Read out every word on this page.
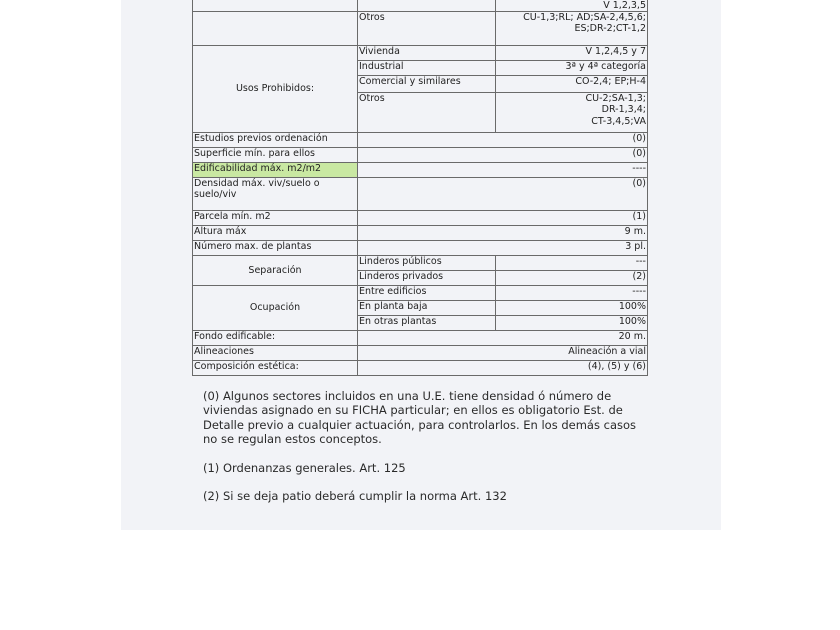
		V 1,2,3,5
	Otros	CU-1,3;RL; AD;SA-2,4,5,6;
ES;DR-2;CT-1,2
Usos Prohibidos:	Vivienda	V 1,2,4,5 y 7
	Industrial	3ª y 4ª categoría
	Comercial y similares	CO-2,4; EP;H-4
	Otros	CU-2;SA-1,3;
DR-1,3,4;
CT-3,4,5;VA
Estudios previos ordenación	(0)	
Superficie mín. para ellos	(0)	
Edificabilidad máx. m2/m2	----	
Densidad máx. viv/suelo o
suelo/viv	(0)	
Parcela mín. m2	(1)	
Altura máx	9 m.	
Número max. de plantas	3 pl.	
Separación	Linderos públicos	---
	Linderos privados	(2)
Ocupación	Entre edificios	----
	En planta baja	100%
	En otras plantas	100%
Fondo edificable:	20 m.	
Alineaciones	Alineación a vial	
Composición estética:	(4), (5) y (6)	

(0) Algunos sectores incluidos en una U.E. tiene densidad ó número de viviendas asignado en su FICHA particular; en ellos es obligatorio Est. de Detalle previo a cualquier actuación, para controlarlos. En los demás casos no se regulan estos conceptos.

(1) Ordenanzas generales. Art. 125

(2) Si se deja patio deberá cumplir la norma Art. 132
